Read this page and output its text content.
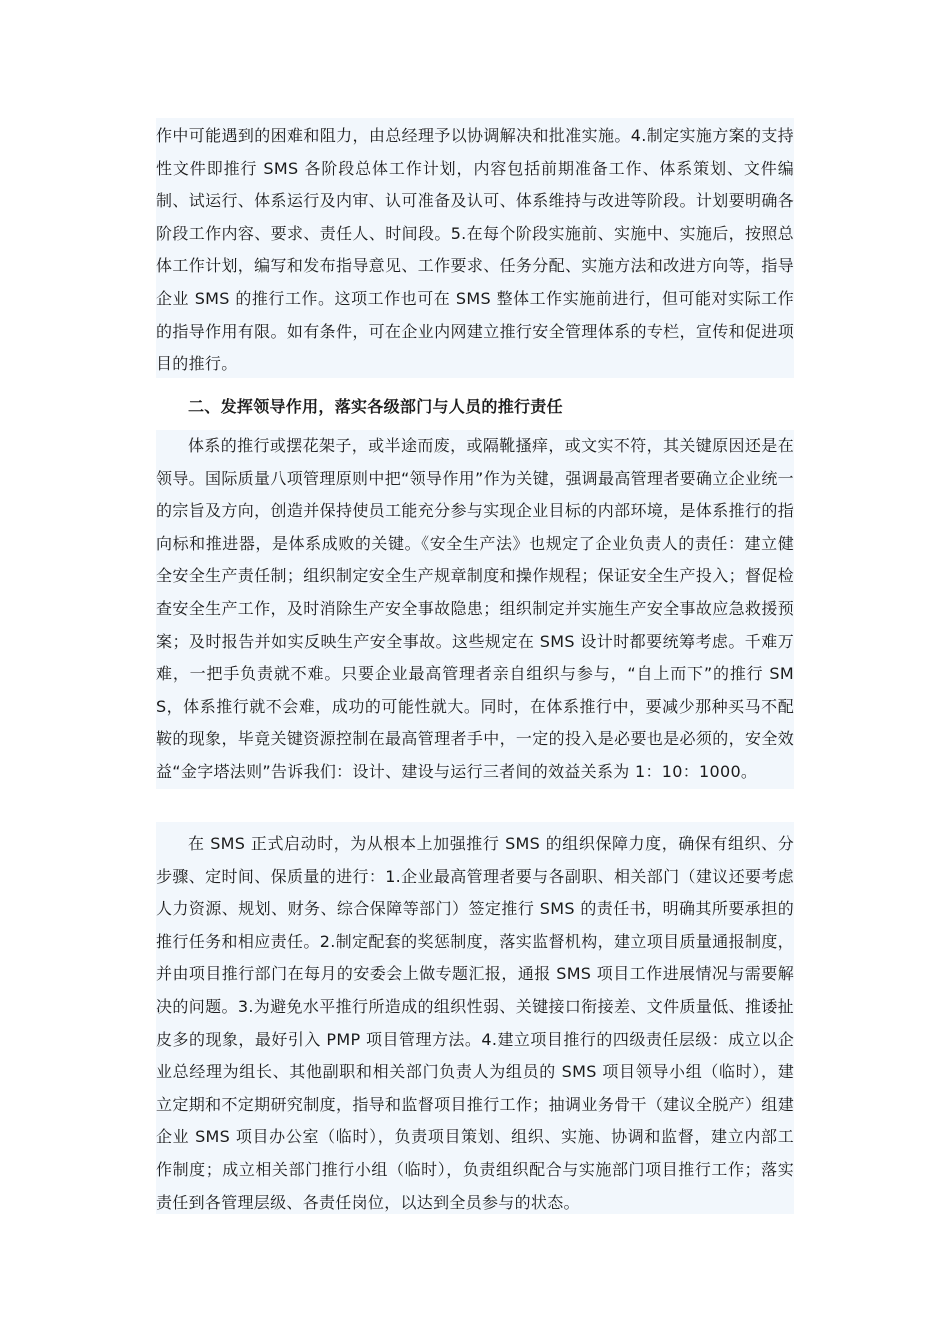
作中可能遇到的困难和阻力，由总经理予以协调解决和批准实施。4.制定实施方案的支持性文件即推行 SMS 各阶段总体工作计划，内容包括前期准备工作、体系策划、文件编制、试运行、体系运行及内审、认可准备及认可、体系维持与改进等阶段。计划要明确各阶段工作内容、要求、责任人、时间段。5.在每个阶段实施前、实施中、实施后，按照总体工作计划，编写和发布指导意见、工作要求、任务分配、实施方法和改进方向等，指导企业 SMS 的推行工作。这项工作也可在 SMS 整体工作实施前进行，但可能对实际工作的指导作用有限。如有条件，可在企业内网建立推行安全管理体系的专栏，宣传和促进项目的推行。

二、发挥领导作用，落实各级部门与人员的推行责任

体系的推行或摆花架子，或半途而废，或隔靴搔痒，或文实不符，其关键原因还是在领导。国际质量八项管理原则中把“领导作用”作为关键，强调最高管理者要确立企业统一的宗旨及方向，创造并保持使员工能充分参与实现企业目标的内部环境，是体系推行的指向标和推进器，是体系成败的关键。《安全生产法》也规定了企业负责人的责任：建立健全安全生产责任制；组织制定安全生产规章制度和操作规程；保证安全生产投入；督促检查安全生产工作，及时消除生产安全事故隐患；组织制定并实施生产安全事故应急救援预案；及时报告并如实反映生产安全事故。这些规定在 SMS 设计时都要统筹考虑。千难万难，一把手负责就不难。只要企业最高管理者亲自组织与参与，“自上而下”的推行 SMS，体系推行就不会难，成功的可能性就大。同时，在体系推行中，要减少那种买马不配鞍的现象，毕竟关键资源控制在最高管理者手中，一定的投入是必要也是必须的，安全效益“金字塔法则”告诉我们：设计、建设与运行三者间的效益关系为 1：10：1000。

在 SMS 正式启动时，为从根本上加强推行 SMS 的组织保障力度，确保有组织、分步骤、定时间、保质量的进行：1.企业最高管理者要与各副职、相关部门（建议还要考虑人力资源、规划、财务、综合保障等部门）签定推行 SMS 的责任书，明确其所要承担的推行任务和相应责任。2.制定配套的奖惩制度，落实监督机构，建立项目质量通报制度，并由项目推行部门在每月的安委会上做专题汇报，通报 SMS 项目工作进展情况与需要解决的问题。3.为避免水平推行所造成的组织性弱、关键接口衔接差、文件质量低、推诿扯皮多的现象，最好引入 PMP 项目管理方法。4.建立项目推行的四级责任层级：成立以企业总经理为组长、其他副职和相关部门负责人为组员的 SMS 项目领导小组（临时），建立定期和不定期研究制度，指导和监督项目推行工作；抽调业务骨干（建议全脱产）组建企业 SMS 项目办公室（临时），负责项目策划、组织、实施、协调和监督，建立内部工作制度；成立相关部门推行小组（临时），负责组织配合与实施部门项目推行工作；落实责任到各管理层级、各责任岗位，以达到全员参与的状态。
